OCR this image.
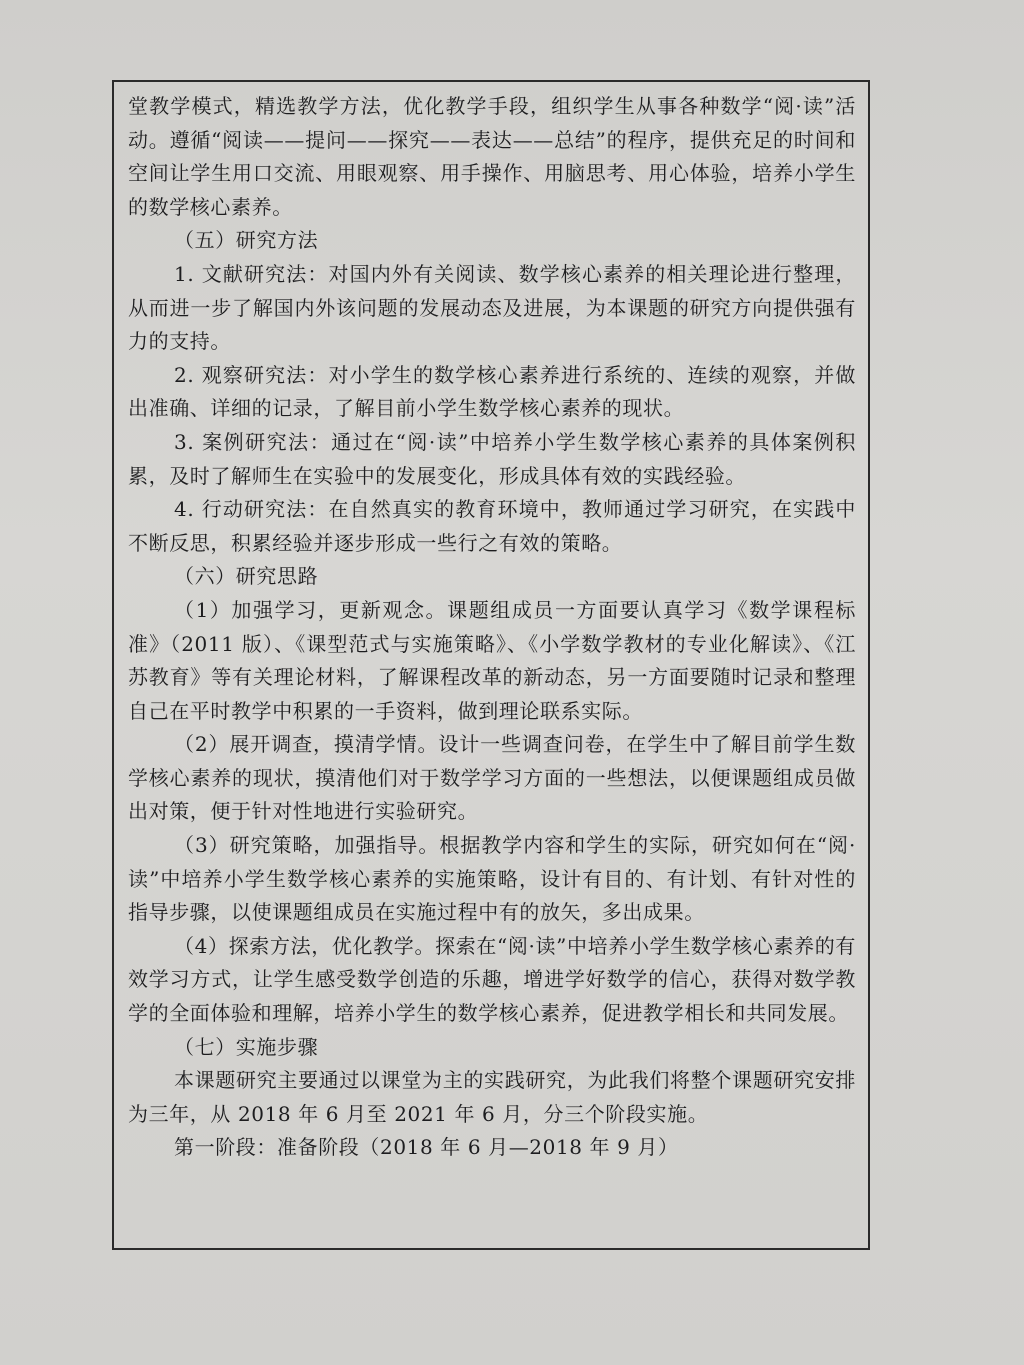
堂教学模式，精选教学方法，优化教学手段，组织学生从事各种数学“阅·读”活动。遵循“阅读——提问——探究——表达——总结”的程序，提供充足的时间和空间让学生用口交流、用眼观察、用手操作、用脑思考、用心体验，培养小学生的数学核心素养。

（五）研究方法

1. 文献研究法：对国内外有关阅读、数学核心素养的相关理论进行整理，从而进一步了解国内外该问题的发展动态及进展，为本课题的研究方向提供强有力的支持。

2. 观察研究法：对小学生的数学核心素养进行系统的、连续的观察，并做出准确、详细的记录，了解目前小学生数学核心素养的现状。

3. 案例研究法：通过在“阅·读”中培养小学生数学核心素养的具体案例积累，及时了解师生在实验中的发展变化，形成具体有效的实践经验。

4. 行动研究法：在自然真实的教育环境中，教师通过学习研究，在实践中不断反思，积累经验并逐步形成一些行之有效的策略。

（六）研究思路

（1）加强学习，更新观念。课题组成员一方面要认真学习《数学课程标准》（2011 版）、《课型范式与实施策略》、《小学数学教材的专业化解读》、《江苏教育》等有关理论材料，了解课程改革的新动态，另一方面要随时记录和整理自己在平时教学中积累的一手资料，做到理论联系实际。

（2）展开调查，摸清学情。设计一些调查问卷，在学生中了解目前学生数学核心素养的现状，摸清他们对于数学学习方面的一些想法，以便课题组成员做出对策，便于针对性地进行实验研究。

（3）研究策略，加强指导。根据教学内容和学生的实际，研究如何在“阅·读”中培养小学生数学核心素养的实施策略，设计有目的、有计划、有针对性的指导步骤，以使课题组成员在实施过程中有的放矢，多出成果。

（4）探索方法，优化教学。探索在“阅·读”中培养小学生数学核心素养的有效学习方式，让学生感受数学创造的乐趣，增进学好数学的信心，获得对数学教学的全面体验和理解，培养小学生的数学核心素养，促进教学相长和共同发展。

（七）实施步骤

本课题研究主要通过以课堂为主的实践研究，为此我们将整个课题研究安排为三年，从 2018 年 6 月至 2021 年 6 月，分三个阶段实施。

第一阶段：准备阶段（2018 年 6 月—2018 年 9 月）
